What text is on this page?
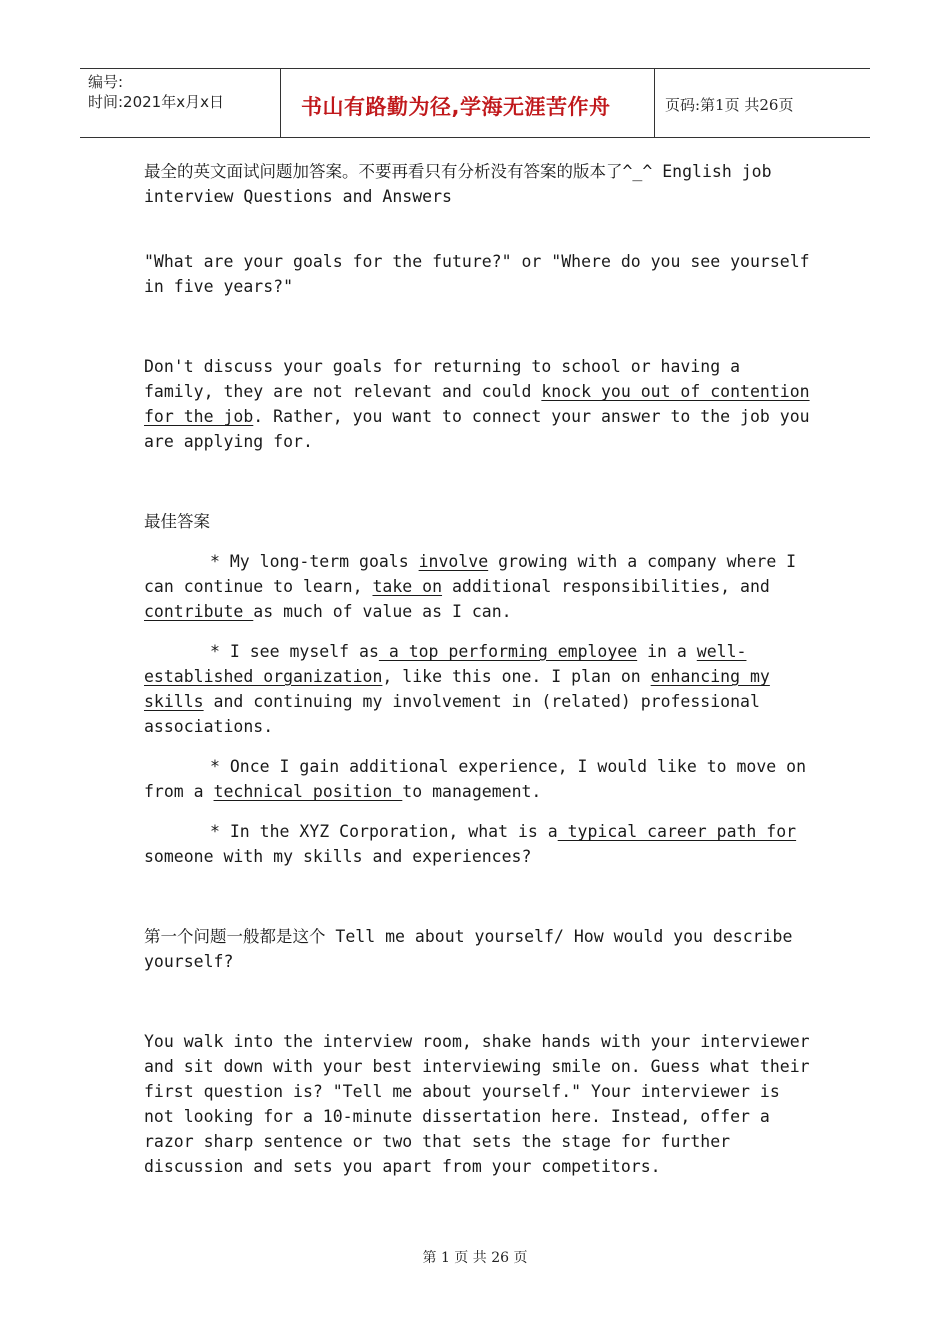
编号:
时间:2021年x月x日	书山有路勤为径,学海无涯苦作舟	页码:第1页 共26页

最全的英文面试问题加答案。不要再看只有分析没有答案的版本了^_^ English job interview Questions and Answers

"What are your goals for the future?" or "Where do you see yourself in five years?"

Don't discuss your goals for returning to school or having a family, they are not relevant and could knock you out of contention for the job. Rather, you want to connect your answer to the job you are applying for.

最佳答案

* My long-term goals involve growing with a company where I can continue to learn, take on additional responsibilities, and contribute as much of value as I can.

* I see myself as a top performing employee in a well-established organization, like this one. I plan on enhancing my skills and continuing my involvement in (related) professional associations.

* Once I gain additional experience, I would like to move on from a technical position to management.

* In the XYZ Corporation, what is a typical career path for someone with my skills and experiences?

第一个问题一般都是这个 Tell me about yourself/ How would you describe yourself?

You walk into the interview room, shake hands with your interviewer and sit down with your best interviewing smile on. Guess what their first question is? "Tell me about yourself." Your interviewer is not looking for a 10-minute dissertation here. Instead, offer a razor sharp sentence or two that sets the stage for further discussion and sets you apart from your competitors.

第 1 页 共 26 页
